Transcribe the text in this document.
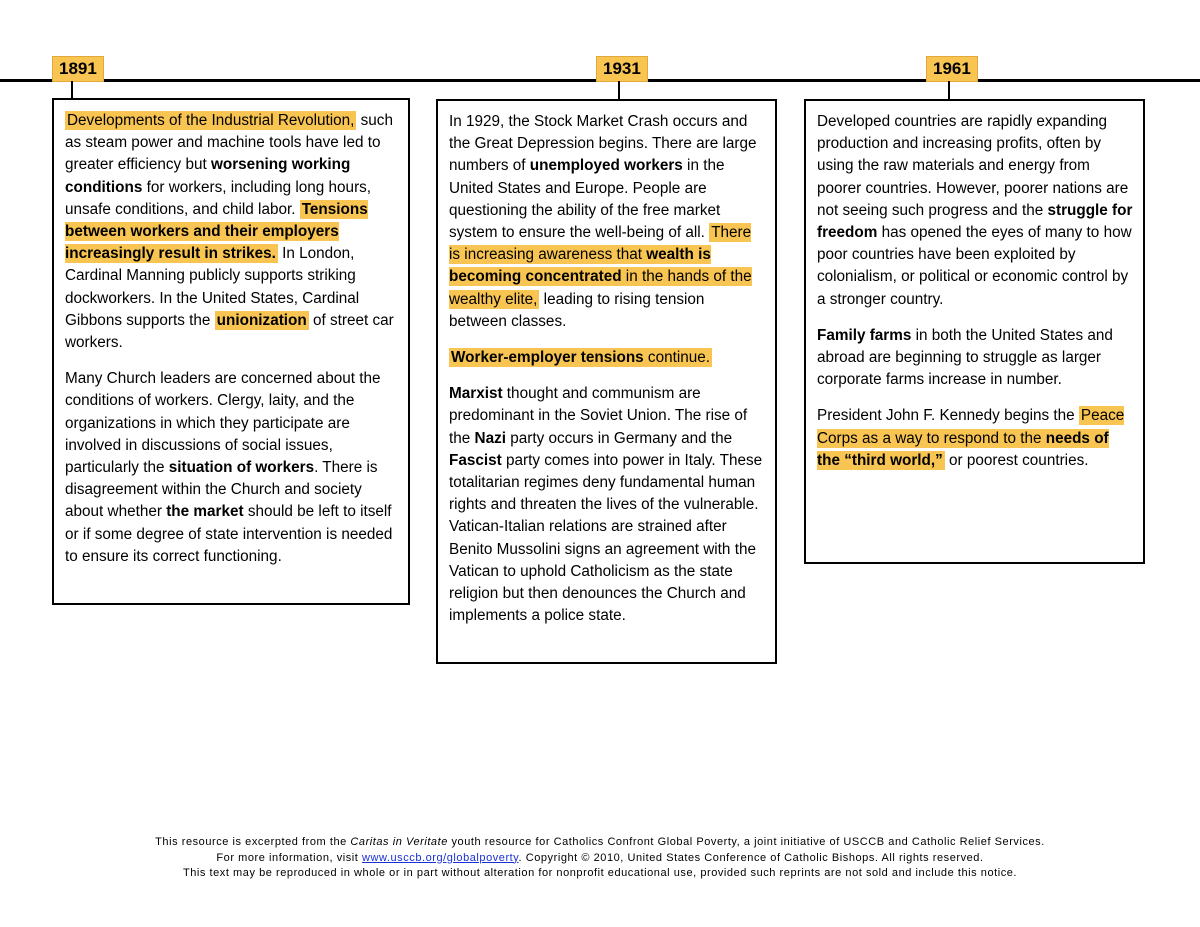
1891	1931	1961

Developments of the Industrial Revolution, such as steam power and machine tools have led to greater efficiency but worsening working conditions for workers, including long hours, unsafe conditions, and child labor. Tensions between workers and their employers increasingly result in strikes. In London, Cardinal Manning publicly supports striking dockworkers. In the United States, Cardinal Gibbons supports the unionization of street car workers.

Many Church leaders are concerned about the conditions of workers. Clergy, laity, and the organizations in which they participate are involved in discussions of social issues, particularly the situation of workers. There is disagreement within the Church and society about whether the market should be left to itself or if some degree of state intervention is needed to ensure its correct functioning.

In 1929, the Stock Market Crash occurs and the Great Depression begins. There are large numbers of unemployed workers in the United States and Europe. People are questioning the ability of the free market system to ensure the well-being of all. There is increasing awareness that wealth is becoming concentrated in the hands of the wealthy elite, leading to rising tension between classes.

Worker-employer tensions continue.

Marxist thought and communism are predominant in the Soviet Union. The rise of the Nazi party occurs in Germany and the Fascist party comes into power in Italy. These totalitarian regimes deny fundamental human rights and threaten the lives of the vulnerable. Vatican-Italian relations are strained after Benito Mussolini signs an agreement with the Vatican to uphold Catholicism as the state religion but then denounces the Church and implements a police state.

Developed countries are rapidly expanding production and increasing profits, often by using the raw materials and energy from poorer countries. However, poorer nations are not seeing such progress and the struggle for freedom has opened the eyes of many to how poor countries have been exploited by colonialism, or political or economic control by a stronger country.

Family farms in both the United States and abroad are beginning to struggle as larger corporate farms increase in number.

President John F. Kennedy begins the Peace Corps as a way to respond to the needs of the “third world,” or poorest countries.

This resource is excerpted from the Caritas in Veritate youth resource for Catholics Confront Global Poverty, a joint initiative of USCCB and Catholic Relief Services.
For more information, visit www.usccb.org/globalpoverty. Copyright © 2010, United States Conference of Catholic Bishops. All rights reserved.
This text may be reproduced in whole or in part without alteration for nonprofit educational use, provided such reprints are not sold and include this notice.
